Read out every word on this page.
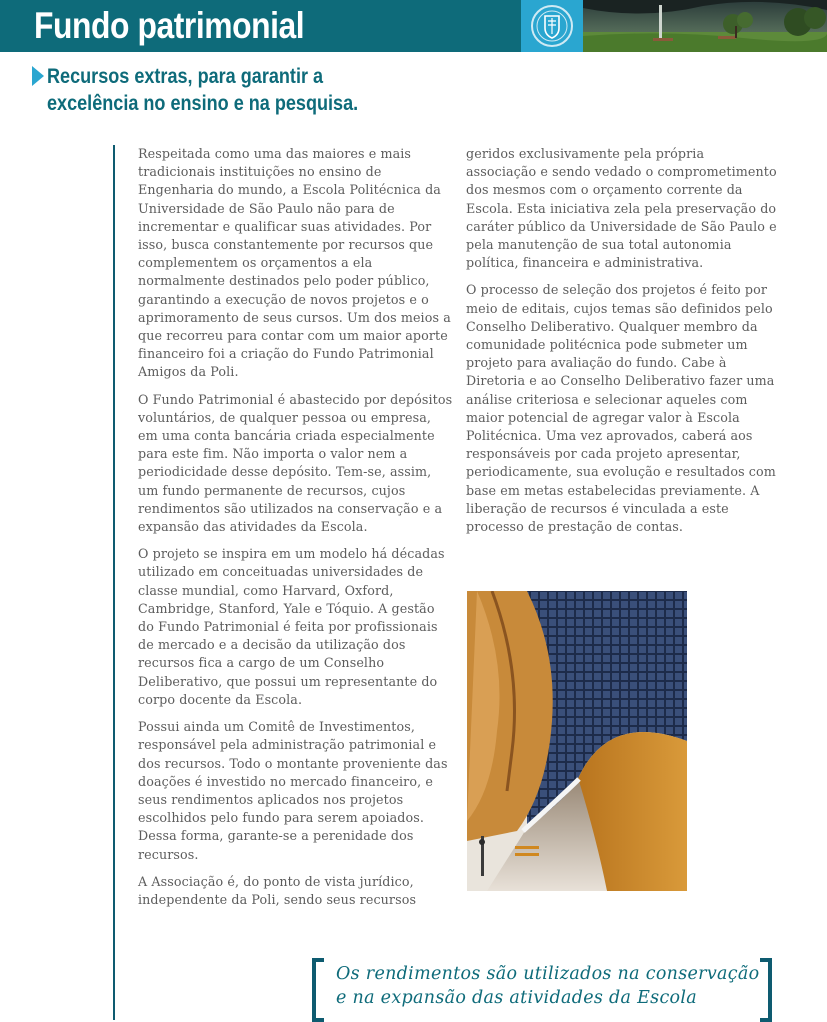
Fundo patrimonial

Recursos extras, para garantir a
excelência no ensino e na pesquisa.

Respeitada como uma das maiores e mais tradicionais instituições no ensino de Engenharia do mundo, a Escola Politécnica da Universidade de São Paulo não para de incrementar e qualificar suas atividades. Por isso, busca constantemente por recursos que complementem os orçamentos a ela normalmente destinados pelo poder público, garantindo a execução de novos projetos e o aprimoramento de seus cursos. Um dos meios a que recorreu para contar com um maior aporte financeiro foi a criação do Fundo Patrimonial Amigos da Poli.

O Fundo Patrimonial é abastecido por depósitos voluntários, de qualquer pessoa ou empresa, em uma conta bancária criada especialmente para este fim. Não importa o valor nem a periodicidade desse depósito. Tem-se, assim, um fundo permanente de recursos, cujos rendimentos são utilizados na conservação e a expansão das atividades da Escola.

O projeto se inspira em um modelo há décadas utilizado em conceituadas universidades de classe mundial, como Harvard, Oxford, Cambridge, Stanford, Yale e Tóquio. A gestão do Fundo Patrimonial é feita por profissionais de mercado e a decisão da utilização dos recursos fica a cargo de um Conselho Deliberativo, que possui um representante do corpo docente da Escola.

Possui ainda um Comitê de Investimentos, responsável pela administração patrimonial e dos recursos. Todo o montante proveniente das doações é investido no mercado financeiro, e seus rendimentos aplicados nos projetos escolhidos pelo fundo para serem apoiados. Dessa forma, garante-se a perenidade dos recursos.

A Associação é, do ponto de vista jurídico, independente da Poli, sendo seus recursos

geridos exclusivamente pela própria associação e sendo vedado o comprometimento dos mesmos com o orçamento corrente da Escola. Esta iniciativa zela pela preservação do caráter público da Universidade de São Paulo e pela manutenção de sua total autonomia política, financeira e administrativa.

O processo de seleção dos projetos é feito por meio de editais, cujos temas são definidos pelo Conselho Deliberativo. Qualquer membro da comunidade politécnica pode submeter um projeto para avaliação do fundo. Cabe à Diretoria e ao Conselho Deliberativo fazer uma análise criteriosa e selecionar aqueles com maior potencial de agregar valor à Escola Politécnica. Uma vez aprovados, caberá aos responsáveis por cada projeto apresentar, periodicamente, sua evolução e resultados com base em metas estabelecidas previamente. A liberação de recursos é vinculada a este processo de prestação de contas.

Os rendimentos são utilizados na conservação
e na expansão das atividades da Escola
